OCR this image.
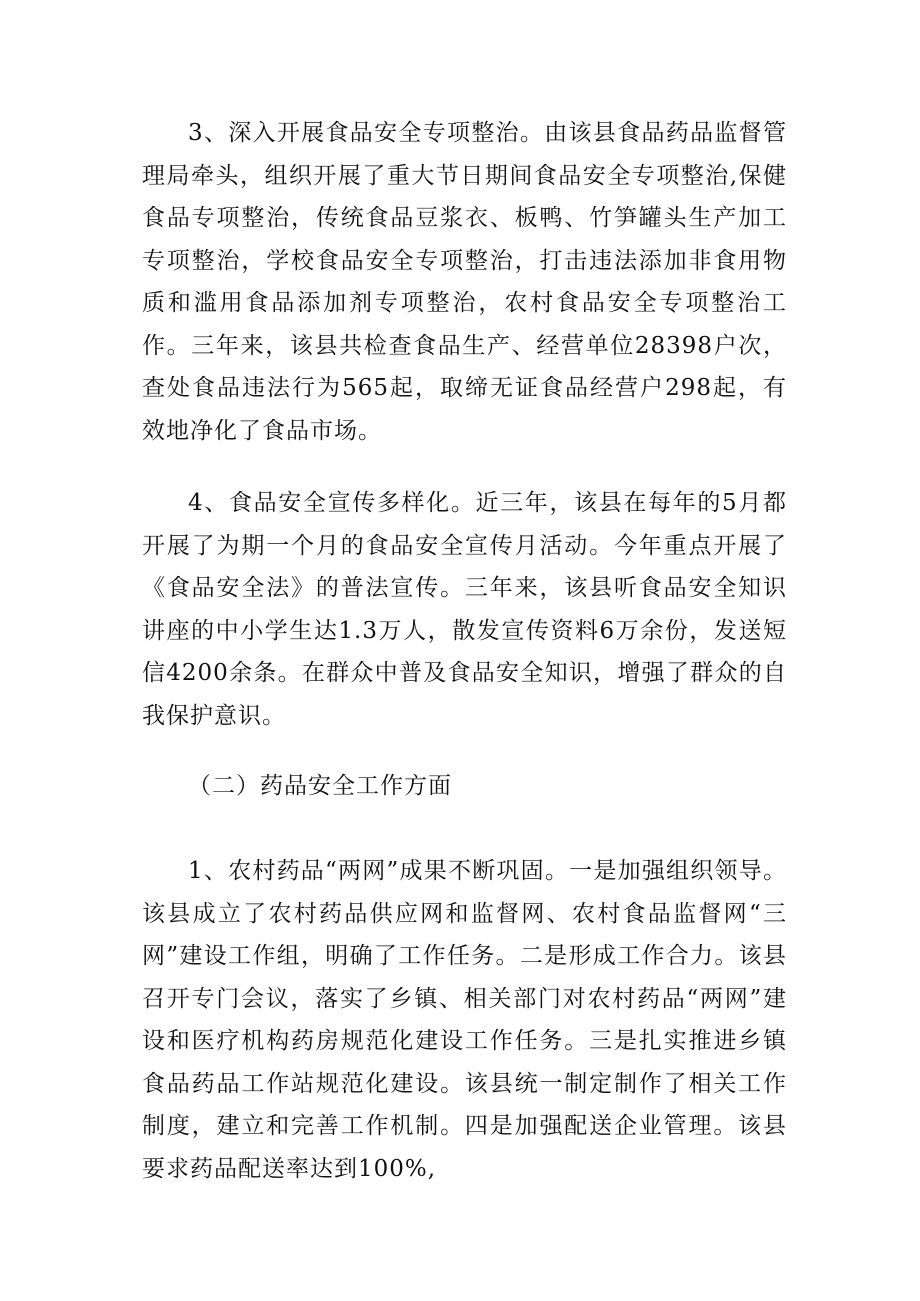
3、深入开展食品安全专项整治。由该县食品药品监督管理局牵头，组织开展了重大节日期间食品安全专项整治,保健食品专项整治，传统食品豆浆衣、板鸭、竹笋罐头生产加工专项整治，学校食品安全专项整治，打击违法添加非食用物质和滥用食品添加剂专项整治，农村食品安全专项整治工作。三年来，该县共检查食品生产、经营单位28398户次，查处食品违法行为565起，取缔无证食品经营户298起，有效地净化了食品市场。

4、食品安全宣传多样化。近三年，该县在每年的5月都开展了为期一个月的食品安全宣传月活动。今年重点开展了《食品安全法》的普法宣传。三年来，该县听食品安全知识讲座的中小学生达1.3万人，散发宣传资料6万余份，发送短信4200余条。在群众中普及食品安全知识，增强了群众的自我保护意识。

（二）药品安全工作方面

1、农村药品“两网”成果不断巩固。一是加强组织领导。该县成立了农村药品供应网和监督网、农村食品监督网“三网”建设工作组，明确了工作任务。二是形成工作合力。该县召开专门会议，落实了乡镇、相关部门对农村药品“两网”建设和医疗机构药房规范化建设工作任务。三是扎实推进乡镇食品药品工作站规范化建设。该县统一制定制作了相关工作制度，建立和完善工作机制。四是加强配送企业管理。该县要求药品配送率达到100%,
